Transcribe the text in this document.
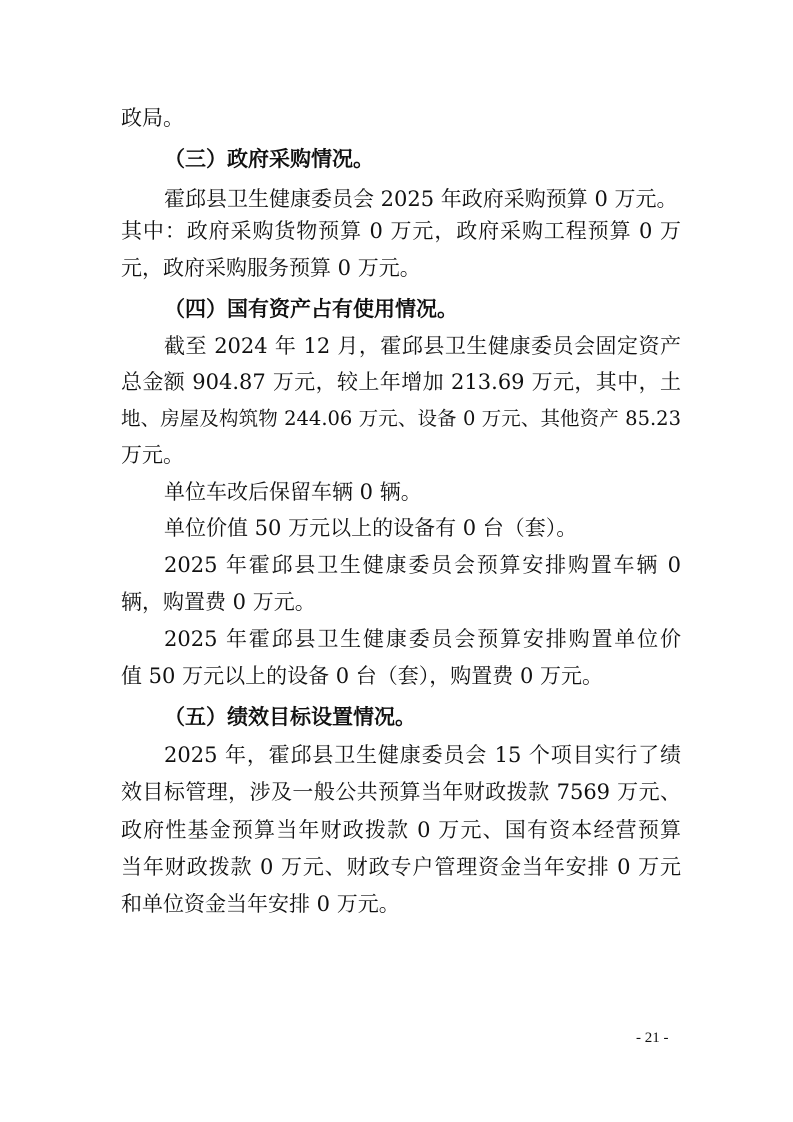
政局。
（三）政府采购情况。
霍邱县卫生健康委员会 2025 年政府采购预算 0 万元。
其中：政府采购货物预算 0 万元，政府采购工程预算 0 万
元，政府采购服务预算 0 万元。
（四）国有资产占有使用情况。
截至 2024 年 12 月，霍邱县卫生健康委员会固定资产
总金额 904.87 万元，较上年增加 213.69 万元，其中，土
地、房屋及构筑物 244.06 万元、设备 0 万元、其他资产 85.23
万元。
单位车改后保留车辆 0 辆。
单位价值 50 万元以上的设备有 0 台（套）。
2025 年霍邱县卫生健康委员会预算安排购置车辆 0
辆，购置费 0 万元。
2025 年霍邱县卫生健康委员会预算安排购置单位价
值 50 万元以上的设备 0 台（套），购置费 0 万元。
（五）绩效目标设置情况。
2025 年，霍邱县卫生健康委员会 15 个项目实行了绩
效目标管理，涉及一般公共预算当年财政拨款 7569 万元、
政府性基金预算当年财政拨款 0 万元、国有资本经营预算
当年财政拨款 0 万元、财政专户管理资金当年安排 0 万元
和单位资金当年安排 0 万元。
- 21 -
